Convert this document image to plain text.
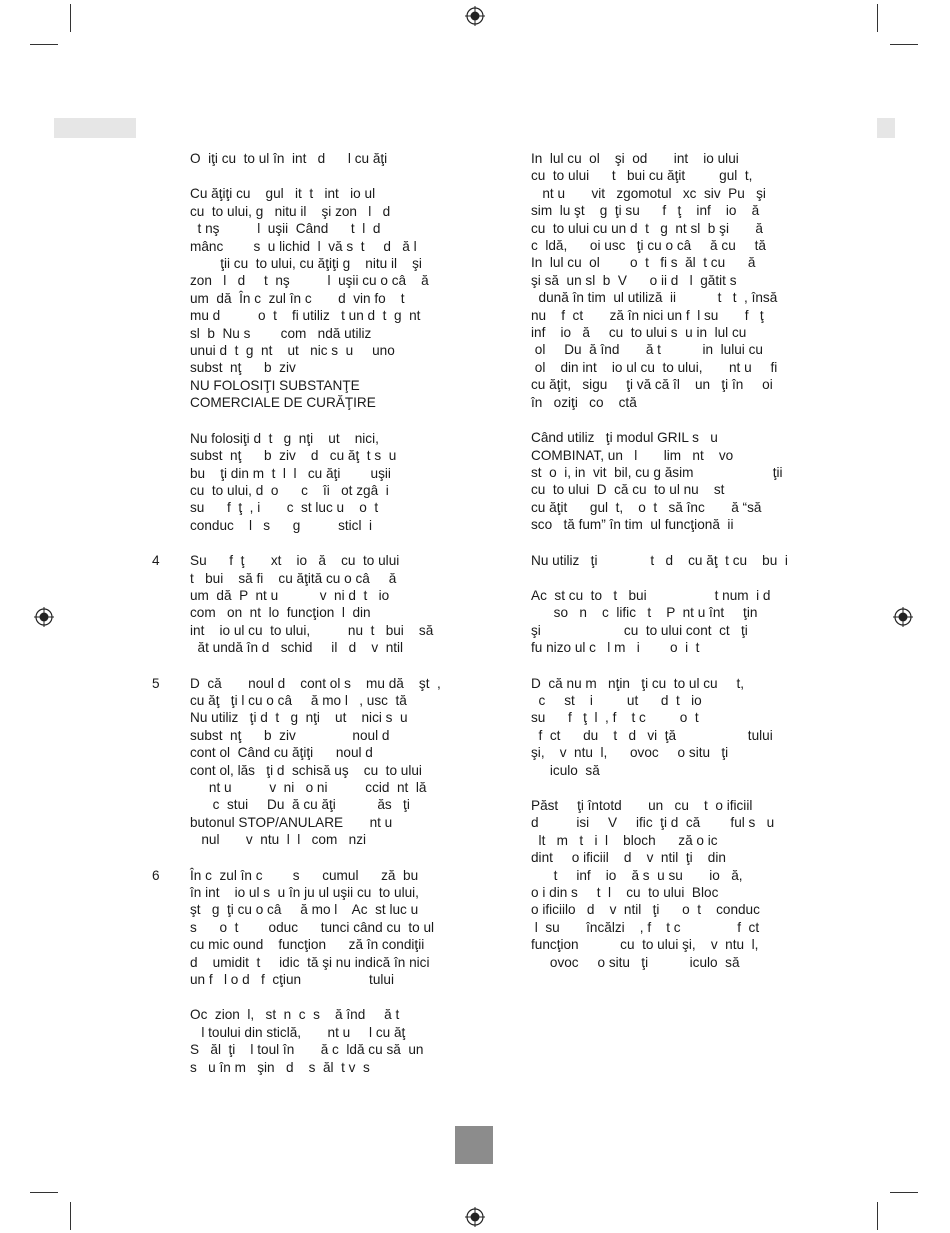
O  iţi cu  to ul în  int   d      l cu ăţi
Cu ăţiţi cu    gul   it  t   int   io ul
cu  to ului, g   nitu il    şi zon   l   d
t nş          l  uşii  Când      t  l  d
mânc        s  u lichid  l  vă s  t     d   ă l
ţii cu  to ului, cu ăţiţi g    nitu il    şi
zon   l   d     t  nş          l  uşii cu o câ    ă
um  dă  În c  zul în c       d  vin fo    t
mu d          o  t    fi utiliz   t un d  t  g  nt
sl  b  Nu s        com   ndă utiliz
unui d  t  g  nt    ut   nic s  u     uno
subst  nţ      b  ziv
NU FOLOSIŢI SUBSTANŢE
COMERCIALE DE CURĂŢIRE
Nu folosiţi d  t   g  nţi    ut    nici,
subst  nţ      b  ziv    d   cu ăţ  t s  u
bu    ţi din m  t  l  l   cu ăţi        uşii
cu  to ului, d  o      c    îi   ot zgâ  i
su      f  ţ  , i       c  st luc u    o  t
conduc    l   s      g          sticl  i
4 Su      f  ţ       xt    io   ă    cu  to ului
t   bui    să fi    cu ăţită cu o câ     ă
um  dă  P  nt u           v  ni d  t   io
com   on  nt  lo  funcţion  l  din
int    io ul cu  to ului,          nu  t   bui    să
ăt undă în d   schid     il   d    v  ntil
5 D  că       noul d    cont ol s    mu dă    şt  ,
cu ăţ   ţi l cu o câ     ă mo l   , usc  tă
Nu utiliz   ţi d  t   g  nţi    ut    nici s  u
subst  nţ      b  ziv               noul d
cont ol  Când cu ăţiţi      noul d
cont ol, lăs   ţi d  schisă uş    cu  to ului
nt u          v  ni   o ni          ccid  nt  lă
c  stui     Du  ă cu ăţi           ăs   ţi
butonul STOP/ANULARE       nt u
nul       v  ntu  l  l   com   nzi
6 În c  zul în c        s      cumul      ză  bu
în int    io ul s  u în ju ul uşii cu  to ului,
şt   g  ţi cu o câ     ă mo l    Ac  st luc u
s      o  t        oduc      tunci când cu  to ul
cu mic ound    funcţion      ză în condiţii
d    umidit  t     idic  tă şi nu indică în nici
un f   l o d   f  cţiun                  tului
Oc  zion  l,   st  n  c  s    ă înd     ă t
l toului din sticlă,       nt u     l cu ăţ
S   ăl  ţi    l toul în       ă c  ldă cu să  un
s   u în m   şin   d    s  ăl  t v  s
In  lul cu  ol    şi  od       int    io ului
cu  to ului      t   bui cu ăţit         gul  t,
nt u       vit   zgomotul   xc  siv  Pu   şi
sim  lu şt    g  ţi su      f   ţ    inf    io    ă
cu  to ului cu un d  t   g  nt sl  b şi       ă
c  ldă,      oi usc   ţi cu o câ     ă cu     tă
In  lul cu  ol        o  t   fi s  ăl  t cu      ă
şi să  un sl  b  V      o ii d   l  gătit s
dună în tim  ul utiliză  ii           t   t  , însă
nu    f  ct       ză în nici un f  l su       f   ţ
inf    io   ă     cu  to ului s  u in  lul cu
ol     Du  ă înd       ă t           in  lului cu
ol    din int    io ul cu  to ului,       nt u     fi
cu ăţit,   sigu     ţi vă că îl    un   ţi în     oi
în   oziţi   co    ctă
Când utiliz   ţi modul GRIL s   u
COMBINAT, un   l       lim   nt    vo
st  o  i, in  vit  bil, cu g ăsim                     ţii
cu  to ului  D  că cu  to ul nu    st
cu ăţit      gul  t,    o  t   să înc       ă “să
sco   tă fum” în tim  ul funcţionă  ii
Nu utiliz   ţi              t   d    cu ăţ  t cu    bu  i
Ac  st cu  to   t   bui                  t num  i d
so   n    c  lific   t    P  nt u înt     ţin
şi                      cu  to ului cont  ct   ţi
fu nizo ul c   l m   i        o  i  t
D  că nu m   nţin   ţi cu  to ul cu     t,
c     st    i         ut      d  t   io
su      f   ţ  l  , f    t c         o  t
f  ct      du    t   d   vi  ţă                   tului
şi,    v  ntu  l,      ovoc     o situ   ţi
iculo  să
Păst     ţi întotd       un   cu    t  o ificiil
d          isi     V     ific  ţi d  că        ful s   u
lt   m   t   i  l    bloch      ză o ic
dint     o ificiil    d    v  ntil  ţi    din
t     inf    io    ă s  u su       io   ă,
o i din s     t  l    cu  to ului  Bloc
o ificiilo   d    v  ntil   ţi      o  t    conduc
l  su       încălzi    , f    t c               f  ct
funcţion           cu  to ului şi,    v  ntu  l,
ovoc     o situ   ţi           iculo  să
